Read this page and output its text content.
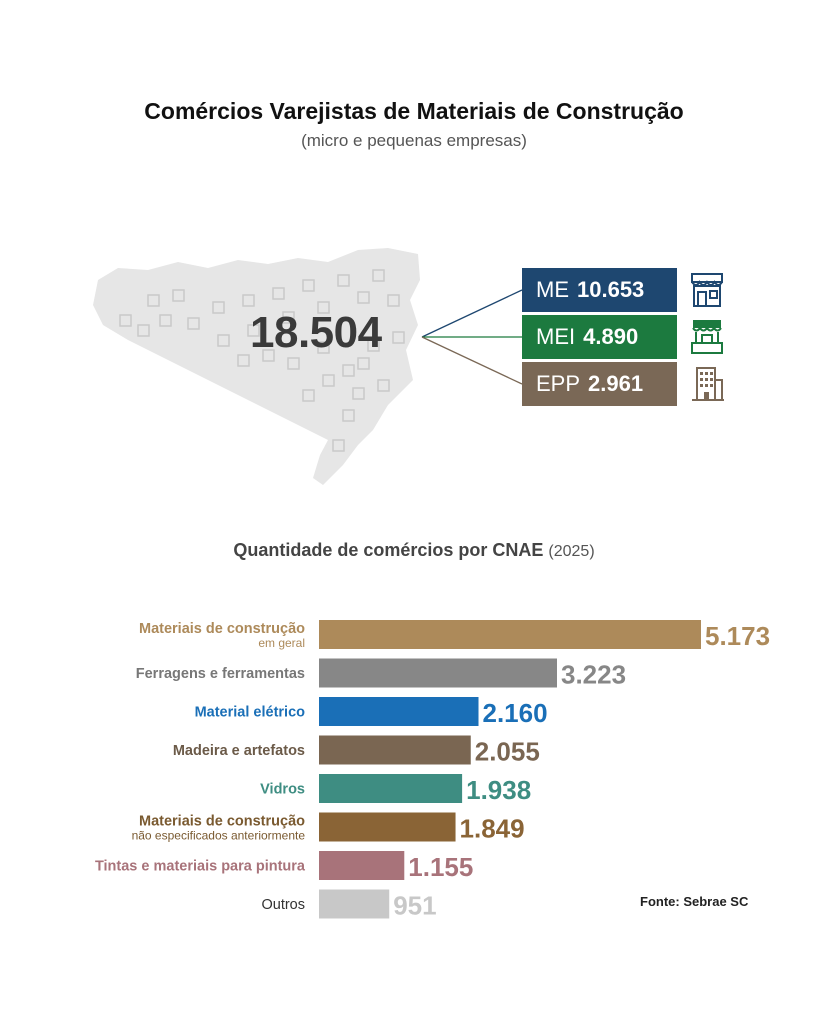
Comércios Varejistas de Materiais de Construção
(micro e pequenas empresas)
18.504
ME 10.653
MEI 4.890
EPP 2.961
Quantidade de comércios por CNAE (2025)
5.173
Materiais de construção
em geral
3.223
Ferragens e ferramentas
2.160
Material elétrico
2.055
Madeira e artefatos
1.938
Vidros
1.849
Materiais de construção
não especificados anteriormente
1.155
Tintas e materiais para pintura
951
Outros	Fonte: Sebrae SC
